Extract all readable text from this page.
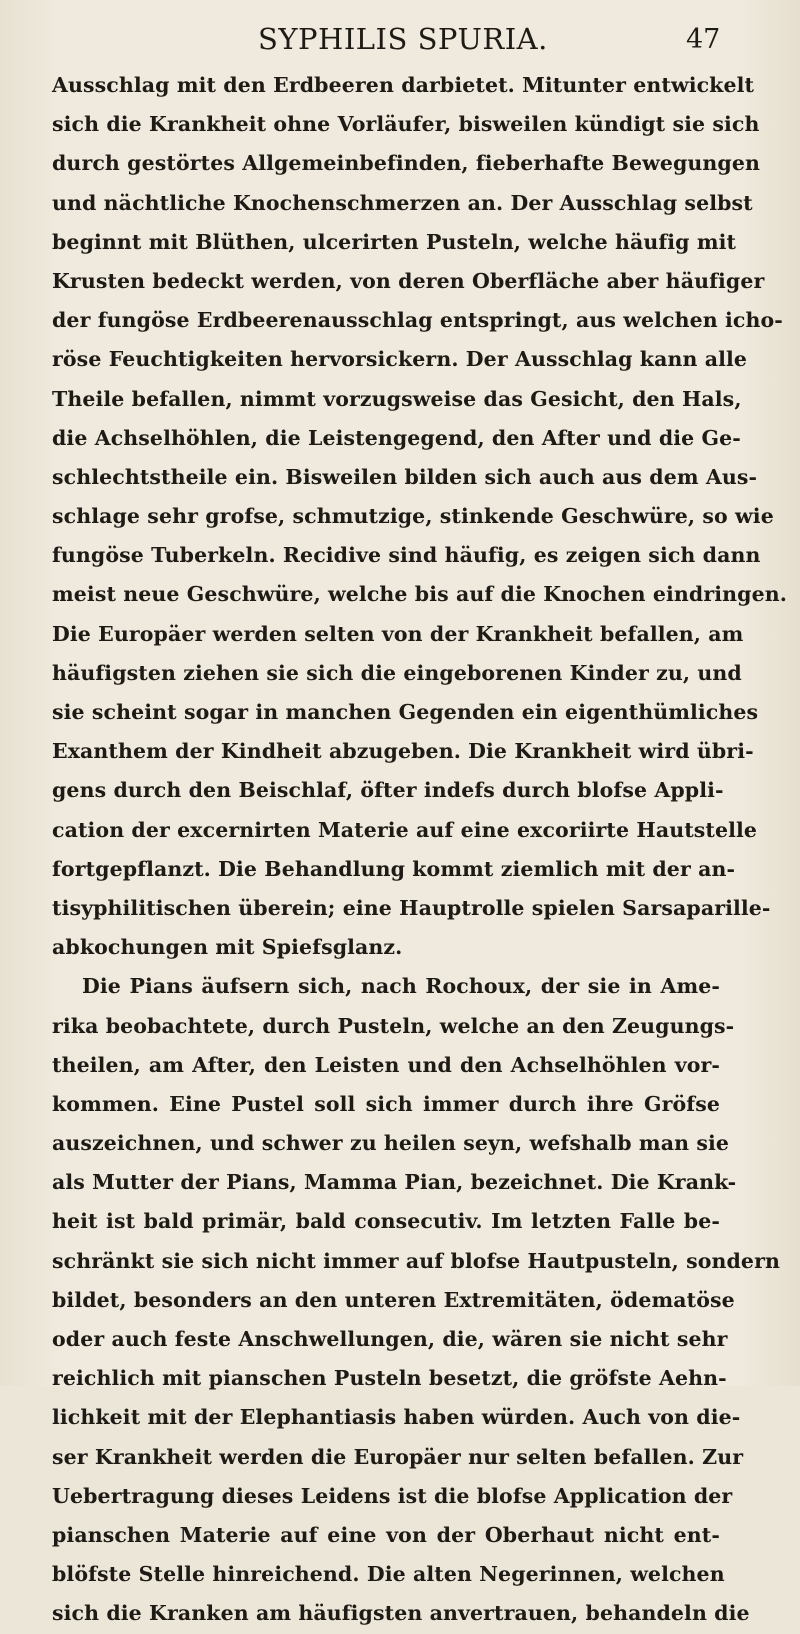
SYPHILIS SPURIA.	47
Ausschlag mit den Erdbeeren darbietet. Mitunter entwickelt
sich die Krankheit ohne Vorläufer, bisweilen kündigt sie sich
durch gestörtes Allgemeinbefinden, fieberhafte Bewegungen
und nächtliche Knochenschmerzen an. Der Ausschlag selbst
beginnt mit Blüthen, ulcerirten Pusteln, welche häufig mit
Krusten bedeckt werden, von deren Oberfläche aber häufiger
der fungöse Erdbeerenausschlag entspringt, aus welchen icho-
röse Feuchtigkeiten hervorsickern. Der Ausschlag kann alle
Theile befallen, nimmt vorzugsweise das Gesicht, den Hals,
die Achselhöhlen, die Leistengegend, den After und die Ge-
schlechtstheile ein. Bisweilen bilden sich auch aus dem Aus-
schlage sehr grofse, schmutzige, stinkende Geschwüre, so wie
fungöse Tuberkeln. Recidive sind häufig, es zeigen sich dann
meist neue Geschwüre, welche bis auf die Knochen eindringen.
Die Europäer werden selten von der Krankheit befallen, am
häufigsten ziehen sie sich die eingeborenen Kinder zu, und
sie scheint sogar in manchen Gegenden ein eigenthümliches
Exanthem der Kindheit abzugeben. Die Krankheit wird übri-
gens durch den Beischlaf, öfter indefs durch blofse Appli-
cation der excernirten Materie auf eine excoriirte Hautstelle
fortgepflanzt. Die Behandlung kommt ziemlich mit der an-
tisyphilitischen überein; eine Hauptrolle spielen Sarsaparille-
abkochungen mit Spiefsglanz.
Die Pians äufsern sich, nach Rochoux, der sie in Ame-
rika beobachtete, durch Pusteln, welche an den Zeugungs-
theilen, am After, den Leisten und den Achselhöhlen vor-
kommen. Eine Pustel soll sich immer durch ihre Gröfse
auszeichnen, und schwer zu heilen seyn, wefshalb man sie
als Mutter der Pians, Mamma Pian, bezeichnet. Die Krank-
heit ist bald primär, bald consecutiv. Im letzten Falle be-
schränkt sie sich nicht immer auf blofse Hautpusteln, sondern
bildet, besonders an den unteren Extremitäten, ödematöse
oder auch feste Anschwellungen, die, wären sie nicht sehr
reichlich mit pianschen Pusteln besetzt, die gröfste Aehn-
lichkeit mit der Elephantiasis haben würden. Auch von die-
ser Krankheit werden die Europäer nur selten befallen. Zur
Uebertragung dieses Leidens ist die blofse Application der
pianschen Materie auf eine von der Oberhaut nicht ent-
blöfste Stelle hinreichend. Die alten Negerinnen, welchen
sich die Kranken am häufigsten anvertrauen, behandeln die
